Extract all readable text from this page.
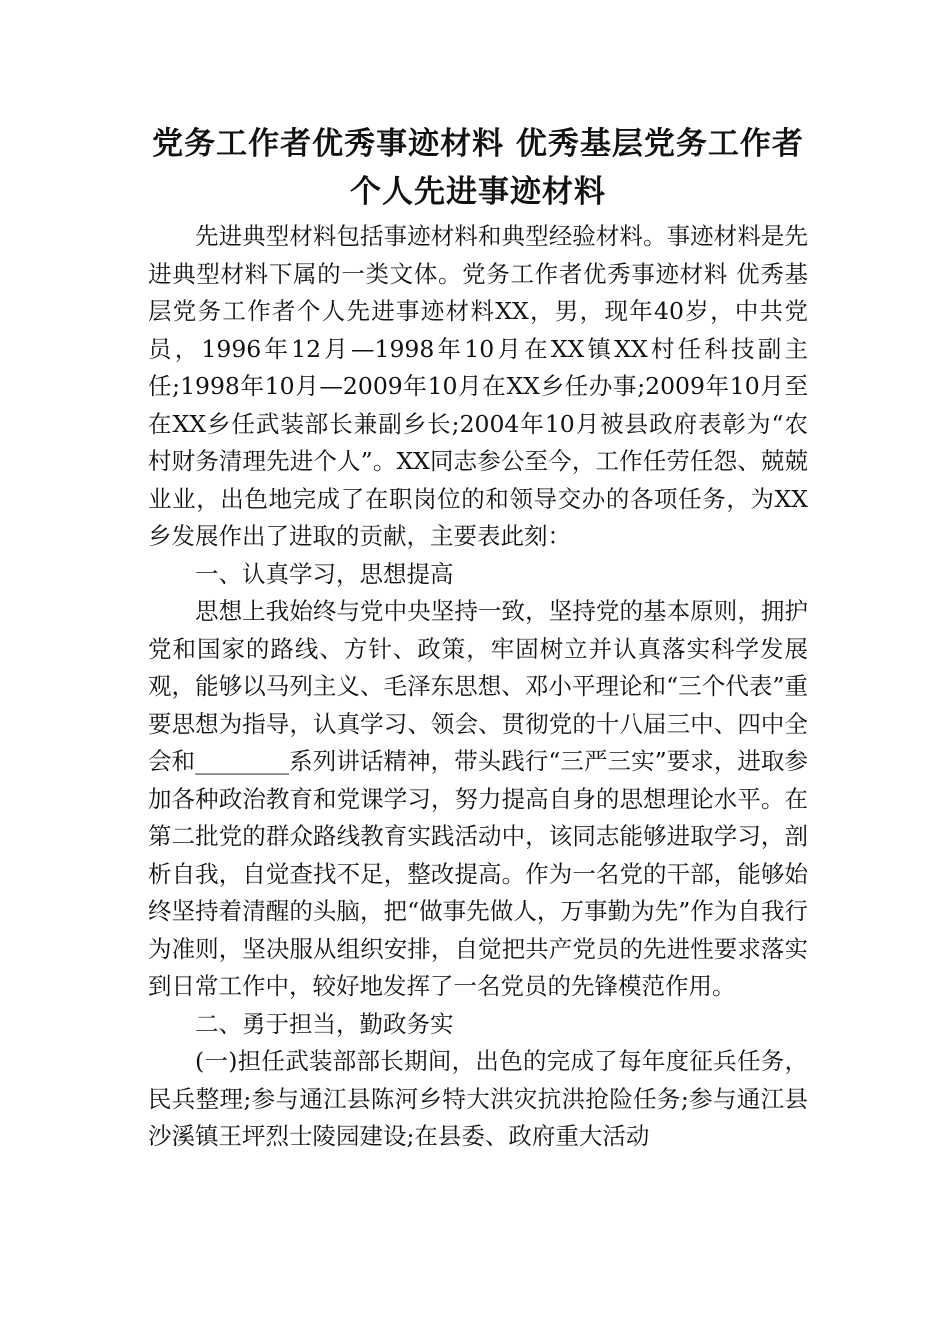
党务工作者优秀事迹材料 优秀基层党务工作者个人先进事迹材料

先进典型材料包括事迹材料和典型经验材料。事迹材料是先进典型材料下属的一类文体。党务工作者优秀事迹材料 优秀基层党务工作者个人先进事迹材料XX，男，现年40岁，中共党员，1996年12月—1998年10月在XX镇XX村任科技副主任;1998年10月—2009年10月在XX乡任办事;2009年10月至在XX乡任武装部长兼副乡长;2004年10月被县政府表彰为“农村财务清理先进个人”。XX同志参公至今，工作任劳任怨、兢兢业业，出色地完成了在职岗位的和领导交办的各项任务，为XX乡发展作出了进取的贡献，主要表此刻：

一、认真学习，思想提高

思想上我始终与党中央坚持一致，坚持党的基本原则，拥护党和国家的路线、方针、政策，牢固树立并认真落实科学发展观，能够以马列主义、毛泽东思想、邓小平理论和“三个代表”重要思想为指导，认真学习、领会、贯彻党的十八届三中、四中全会和________系列讲话精神，带头践行“三严三实”要求，进取参加各种政治教育和党课学习，努力提高自身的思想理论水平。在第二批党的群众路线教育实践活动中，该同志能够进取学习，剖析自我，自觉查找不足，整改提高。作为一名党的干部，能够始终坚持着清醒的头脑，把“做事先做人，万事勤为先”作为自我行为准则，坚决服从组织安排，自觉把共产党员的先进性要求落实到日常工作中，较好地发挥了一名党员的先锋模范作用。

二、勇于担当，勤政务实

(一)担任武装部部长期间，出色的完成了每年度征兵任务，民兵整理;参与通江县陈河乡特大洪灾抗洪抢险任务;参与通江县沙溪镇王坪烈士陵园建设;在县委、政府重大活动
